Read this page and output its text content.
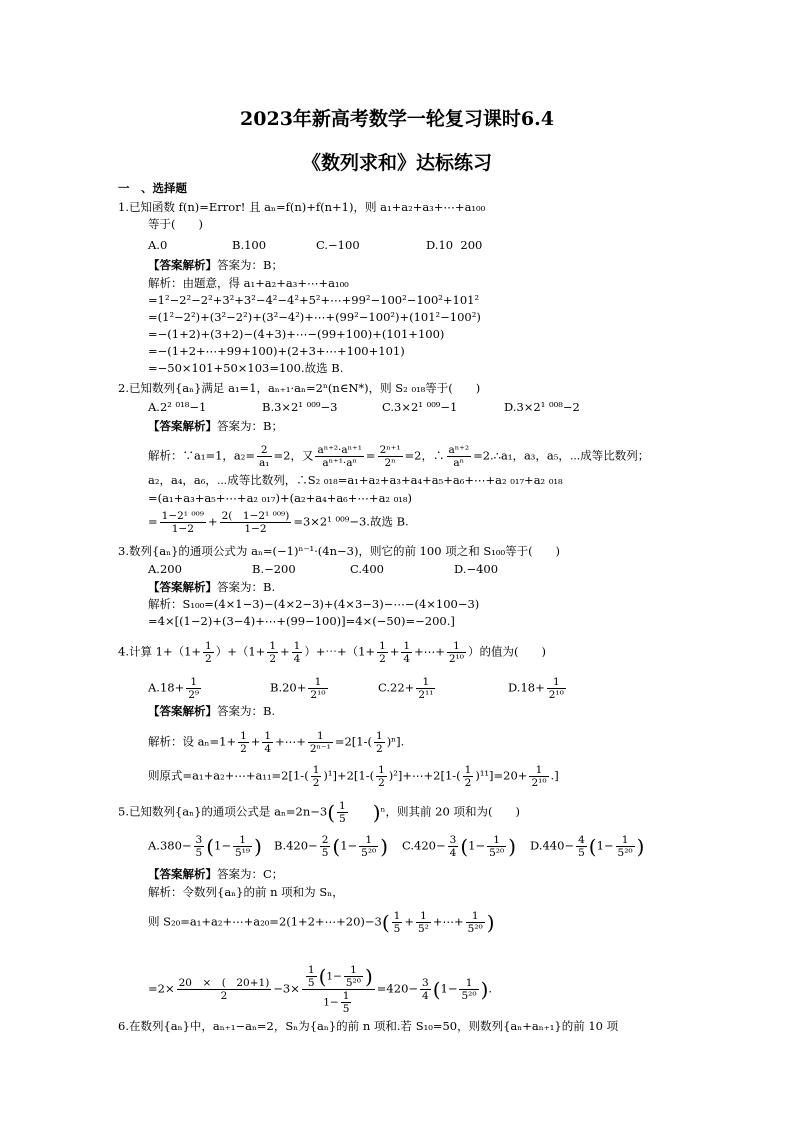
2023年新高考数学一轮复习课时6.4
《数列求和》达标练习
一　、选择题
1.已知函数 f(n)=Error! 且 aₙ=f(n)+f(n+1)，则 a₁+a₂+a₃+⋯+a₁₀₀
等于(　　)
A.0	B.100	C.−100	D.10  200
【答案解析】答案为：B；
解析：由题意，得 a₁+a₂+a₃+⋯+a₁₀₀
=1²−2²−2²+3²+3²−4²−4²+5²+⋯+99²−100²−100²+101²
=(1²−2²)+(3²−2²)+(3²−4²)+⋯+(99²−100²)+(101²−100²)
=−(1+2)+(3+2)−(4+3)+⋯−(99+100)+(101+100)
=−(1+2+⋯+99+100)+(2+3+⋯+100+101)
=−50×101+50×103=100.故选 B.
2.已知数列{aₙ}满足 a₁=1，aₙ₊₁·aₙ=2ⁿ(n∈N*)，则 S₂ ₀₁₈等于(　　)
A.2² ⁰¹⁸−1	B.3×2¹ ⁰⁰⁹−3	C.3×2¹ ⁰⁰⁹−1	D.3×2¹ ⁰⁰⁸−2
【答案解析】答案为：B；
解析：∵a₁=1，$a_2= \frac{2}{\text{a₁}} =2$，又 $\frac{\text{aⁿ⁺²·aⁿ⁺¹}}{\text{aⁿ⁺¹·aⁿ}} = \frac{\text{2ⁿ⁺¹}}{\text{2ⁿ}} =2$，∴ $\frac{\text{aⁿ⁺²}}{\text{aⁿ}}$ =2.∴a₁，a₃，a₅，⋯成等比数列；
a₂，a₄，a₆，⋯成等比数列，∴S₂ ₀₁₈=a₁+a₂+a₃+a₄+a₅+a₆+⋯+a₂ ₀₁₇+a₂ ₀₁₈
=(a₁+a₃+a₅+⋯+a₂ ₀₁₇)+(a₂+a₄+a₆+⋯+a₂ ₀₁₈)
= $\frac{\text{1−2¹ ⁰⁰⁹}}{1-2} + \frac{\text{2(　1−2¹ ⁰⁰⁹)}}{1-2} =3\times 2^1$ ⁰⁰⁹−3.故选 B.
3.数列{aₙ}的通项公式为 aₙ=(−1)ⁿ⁻¹·(4n−3)，则它的前 100 项之和 S₁₀₀等于(　　)
A.200	B.−200	C.400	D.−400
【答案解析】答案为：B.
解析：S₁₀₀=(4×1−3)−(4×2−3)+(4×3−3)−⋯−(4×100−3)
=4×[(1−2)+(3−4)+⋯+(99−100)]=4×(−50)=−200.]
4.计算 $1+(1+ \frac{1}{2} )+(1+ \frac{1}{2} + \frac{1}{4}$ ）+⋯+（1+ $\frac{1}{2} + \frac{1}{4}$ +⋯+ $\frac{1}{\text{2¹⁰}}$ ）的值为(　　)
$A.18+ \frac{1}{\text{2⁹}}$	$B.20+ \frac{1}{\text{2¹⁰}}$	$C.22+ \frac{1}{\text{2¹¹}}$	$D.18+ \frac{1}{\text{2¹⁰}}$
【答案解析】答案为：B.
解析：设 $a_n=1+ \frac{1}{2} + \frac{1}{4}$ +⋯+ $\frac{1}{\text{2ⁿ⁻¹}} =2[1-( \frac{1}{2} )^n]$.
则原式=a₁+a₂+⋯+a₁₁=2[1-( $\frac{1}{2} )^1]+2[1-( \frac{1}{2}$ )²]+⋯+2[1-( $\frac{1}{2} )^{11}]=20+ \frac{1}{\text{2¹⁰}}$ .]
5.已知数列{aₙ}的通项公式是 $a_n=2n-3( \frac{1}{5}$
　　 )ⁿ，则其前 20 项和为(　　)
$A.380- \frac{3}{5} (1- \frac{1}{\text{5¹⁹}}$ ) $B.420- \frac{2}{5} (1- \frac{1}{\text{5²⁰}}$ ) $C.420- \frac{3}{4} (1- \frac{1}{\text{5²⁰}}$ ) $D.440- \frac{4}{5} (1- \frac{1}{\text{5²⁰}}$ )
【答案解析】答案为：C；
解析：令数列{aₙ}的前 n 项和为 Sₙ，
则 S₂₀=a₁+a₂+⋯+a₂₀=2(1+2+⋯+20)−3( $\frac{1}{5} + \frac{1}{\text{5²}}$ +⋯+ $\frac{1}{\text{5²⁰}}$ )
$=2\times \frac{20 \times ( 20+1)}{2} -3\times \frac{\frac{1}{5} (1- \frac{1}{\text{5²⁰}} )}{1- \frac{1}{5}} =420- \frac{3}{4} (1- \frac{1}{\text{5²⁰}}$ ).
6.在数列{aₙ}中，aₙ₊₁−aₙ=2，Sₙ为{aₙ}的前 n 项和.若 S₁₀=50，则数列{aₙ+aₙ₊₁}的前 10 项
